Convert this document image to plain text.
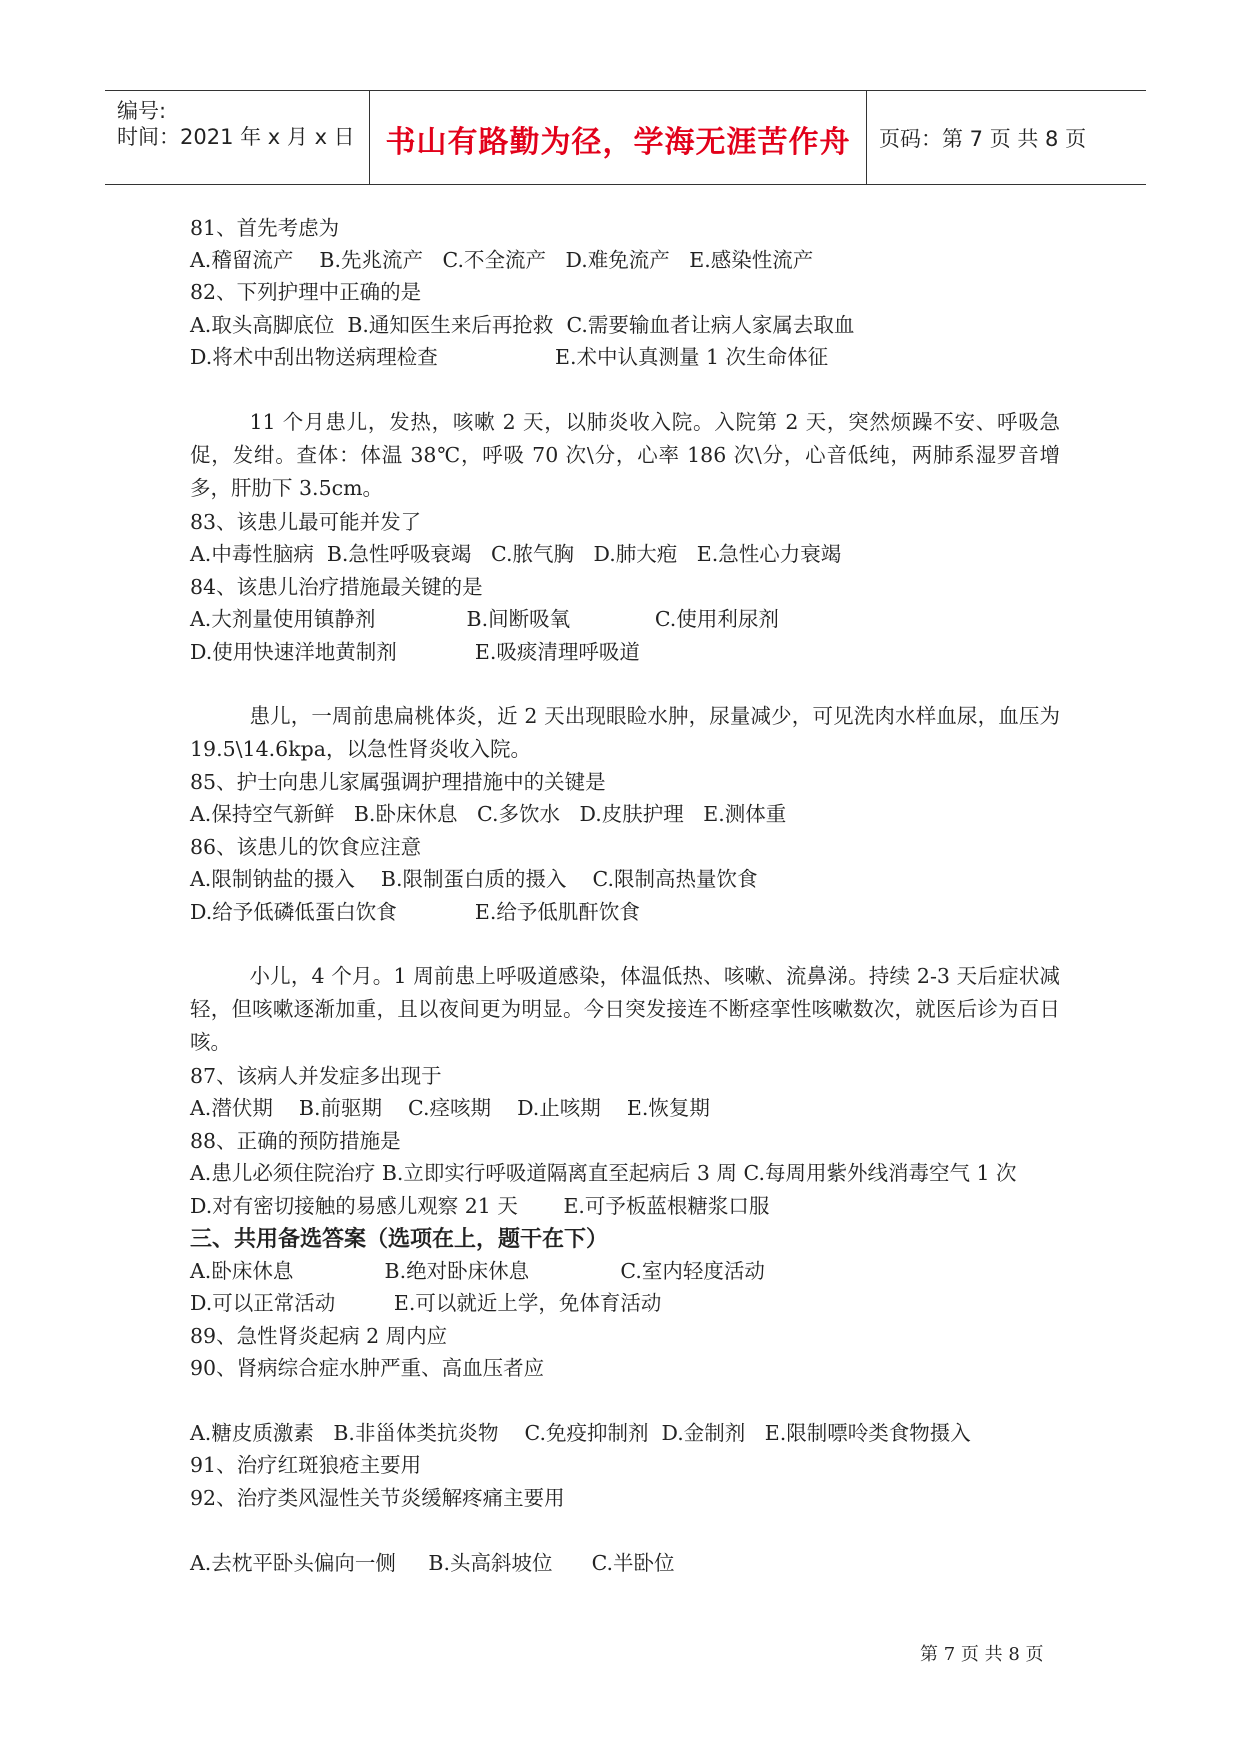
编号:
时间：2021 年 x 月 x 日	书山有路勤为径，学海无涯苦作舟	页码：第 7 页 共 8 页
81、首先考虑为
A.稽留流产    B.先兆流产   C.不全流产   D.难免流产   E.感染性流产
82、下列护理中正确的是
A.取头高脚底位  B.通知医生来后再抢救  C.需要输血者让病人家属去取血
D.将术中刮出物送病理检查                  E.术中认真测量 1 次生命体征
11 个月患儿，发热，咳嗽 2 天，以肺炎收入院。入院第 2 天，突然烦躁不安、呼吸急促，发绀。查体：体温 38℃，呼吸 70 次\分，心率 186 次\分，心音低纯，两肺系湿罗音增多，肝肋下 3.5cm。
83、该患儿最可能并发了
A.中毒性脑病  B.急性呼吸衰竭   C.脓气胸   D.肺大疱   E.急性心力衰竭
84、该患儿治疗措施最关键的是
A.大剂量使用镇静剂              B.间断吸氧             C.使用利尿剂
D.使用快速洋地黄制剂            E.吸痰清理呼吸道
患儿，一周前患扁桃体炎，近 2 天出现眼睑水肿，尿量减少，可见洗肉水样血尿，血压为 19.5\14.6kpa，以急性肾炎收入院。
85、护士向患儿家属强调护理措施中的关键是
A.保持空气新鲜   B.卧床休息   C.多饮水   D.皮肤护理   E.测体重
86、该患儿的饮食应注意
A.限制钠盐的摄入    B.限制蛋白质的摄入    C.限制高热量饮食
D.给予低磷低蛋白饮食            E.给予低肌酐饮食
小儿，4 个月。1 周前患上呼吸道感染，体温低热、咳嗽、流鼻涕。持续 2-3 天后症状减轻，但咳嗽逐渐加重，且以夜间更为明显。今日突发接连不断痉挛性咳嗽数次，就医后诊为百日咳。
87、该病人并发症多出现于
A.潜伏期    B.前驱期    C.痉咳期    D.止咳期    E.恢复期
88、正确的预防措施是
A.患儿必须住院治疗 B.立即实行呼吸道隔离直至起病后 3 周 C.每周用紫外线消毒空气 1 次
D.对有密切接触的易感儿观察 21 天       E.可予板蓝根糖浆口服
三、共用备选答案（选项在上，题干在下）
A.卧床休息              B.绝对卧床休息              C.室内轻度活动
D.可以正常活动         E.可以就近上学，免体育活动
89、急性肾炎起病 2 周内应
90、肾病综合症水肿严重、高血压者应
A.糖皮质激素   B.非甾体类抗炎物    C.免疫抑制剂  D.金制剂   E.限制嘌呤类食物摄入
91、治疗红斑狼疮主要用
92、治疗类风湿性关节炎缓解疼痛主要用
A.去枕平卧头偏向一侧     B.头高斜坡位      C.半卧位
第 7 页 共 8 页
